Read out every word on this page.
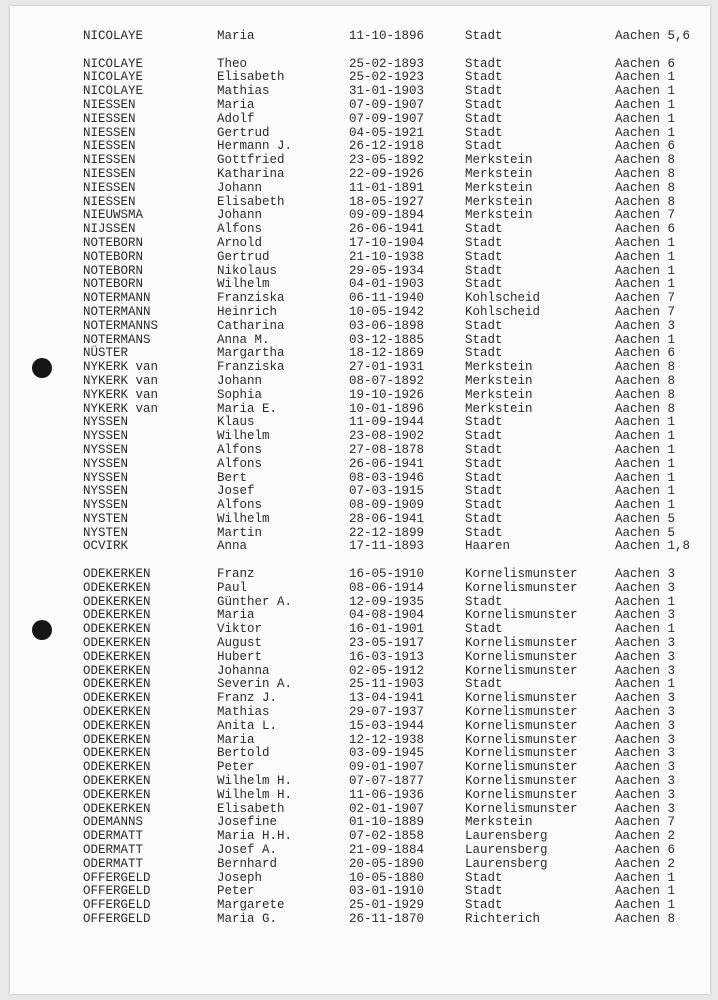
NICOLAYE	Maria	11-10-1896	Stadt	Aachen 5,6
NICOLAYE	Theo	25-02-1893	Stadt	Aachen 6
NICOLAYE	Elisabeth	25-02-1923	Stadt	Aachen 1
NICOLAYE	Mathias	31-01-1903	Stadt	Aachen 1
NIESSEN	Maria	07-09-1907	Stadt	Aachen 1
NIESSEN	Adolf	07-09-1907	Stadt	Aachen 1
NIESSEN	Gertrud	04-05-1921	Stadt	Aachen 1
NIESSEN	Hermann J.	26-12-1918	Stadt	Aachen 6
NIESSEN	Gottfried	23-05-1892	Merkstein	Aachen 8
NIESSEN	Katharina	22-09-1926	Merkstein	Aachen 8
NIESSEN	Johann	11-01-1891	Merkstein	Aachen 8
NIESSEN	Elisabeth	18-05-1927	Merkstein	Aachen 8
NIEUWSMA	Johann	09-09-1894	Merkstein	Aachen 7
NIJSSEN	Alfons	26-06-1941	Stadt	Aachen 6
NOTEBORN	Arnold	17-10-1904	Stadt	Aachen 1
NOTEBORN	Gertrud	21-10-1938	Stadt	Aachen 1
NOTEBORN	Nikolaus	29-05-1934	Stadt	Aachen 1
NOTEBORN	Wilhelm	04-01-1903	Stadt	Aachen 1
NOTERMANN	Franziska	06-11-1940	Kohlscheid	Aachen 7
NOTERMANN	Heinrich	10-05-1942	Kohlscheid	Aachen 7
NOTERMANNS	Catharina	03-06-1898	Stadt	Aachen 3
NOTERMANS	Anna M.	03-12-1885	Stadt	Aachen 1
NÜSTER	Margartha	18-12-1869	Stadt	Aachen 6
NYKERK van	Franziska	27-01-1931	Merkstein	Aachen 8
NYKERK van	Johann	08-07-1892	Merkstein	Aachen 8
NYKERK van	Sophia	19-10-1926	Merkstein	Aachen 8
NYKERK van	Maria E.	10-01-1896	Merkstein	Aachen 8
NYSSEN	Klaus	11-09-1944	Stadt	Aachen 1
NYSSEN	Wilhelm	23-08-1902	Stadt	Aachen 1
NYSSEN	Alfons	27-08-1878	Stadt	Aachen 1
NYSSEN	Alfons	26-06-1941	Stadt	Aachen 1
NYSSEN	Bert	08-03-1946	Stadt	Aachen 1
NYSSEN	Josef	07-03-1915	Stadt	Aachen 1
NYSSEN	Alfons	08-09-1909	Stadt	Aachen 1
NYSTEN	Wilhelm	28-06-1941	Stadt	Aachen 5
NYSTEN	Martin	22-12-1899	Stadt	Aachen 5
OCVIRK	Anna	17-11-1893	Haaren	Aachen 1,8
ODEKERKEN	Franz	16-05-1910	Kornelismunster	Aachen 3
ODEKERKEN	Paul	08-06-1914	Kornelismunster	Aachen 3
ODEKERKEN	Günther A.	12-09-1935	Stadt	Aachen 1
ODEKERKEN	Maria	04-08-1904	Kornelismunster	Aachen 3
ODEKERKEN	Viktor	16-01-1901	Stadt	Aachen 1
ODEKERKEN	August	23-05-1917	Kornelismunster	Aachen 3
ODEKERKEN	Hubert	16-03-1913	Kornelismunster	Aachen 3
ODEKERKEN	Johanna	02-05-1912	Kornelismunster	Aachen 3
ODEKERKEN	Severin A.	25-11-1903	Stadt	Aachen 1
ODEKERKEN	Franz J.	13-04-1941	Kornelismunster	Aachen 3
ODEKERKEN	Mathias	29-07-1937	Kornelismunster	Aachen 3
ODEKERKEN	Anita L.	15-03-1944	Kornelismunster	Aachen 3
ODEKERKEN	Maria	12-12-1938	Kornelismunster	Aachen 3
ODEKERKEN	Bertold	03-09-1945	Kornelismunster	Aachen 3
ODEKERKEN	Peter	09-01-1907	Kornelismunster	Aachen 3
ODEKERKEN	Wilhelm H.	07-07-1877	Kornelismunster	Aachen 3
ODEKERKEN	Wilhelm H.	11-06-1936	Kornelismunster	Aachen 3
ODEKERKEN	Elisabeth	02-01-1907	Kornelismunster	Aachen 3
ODEMANNS	Josefine	01-10-1889	Merkstein	Aachen 7
ODERMATT	Maria H.H.	07-02-1858	Laurensberg	Aachen 2
ODERMATT	Josef A.	21-09-1884	Laurensberg	Aachen 6
ODERMATT	Bernhard	20-05-1890	Laurensberg	Aachen 2
OFFERGELD	Joseph	10-05-1880	Stadt	Aachen 1
OFFERGELD	Peter	03-01-1910	Stadt	Aachen 1
OFFERGELD	Margarete	25-01-1929	Stadt	Aachen 1
OFFERGELD	Maria G.	26-11-1870	Richterich	Aachen 8
